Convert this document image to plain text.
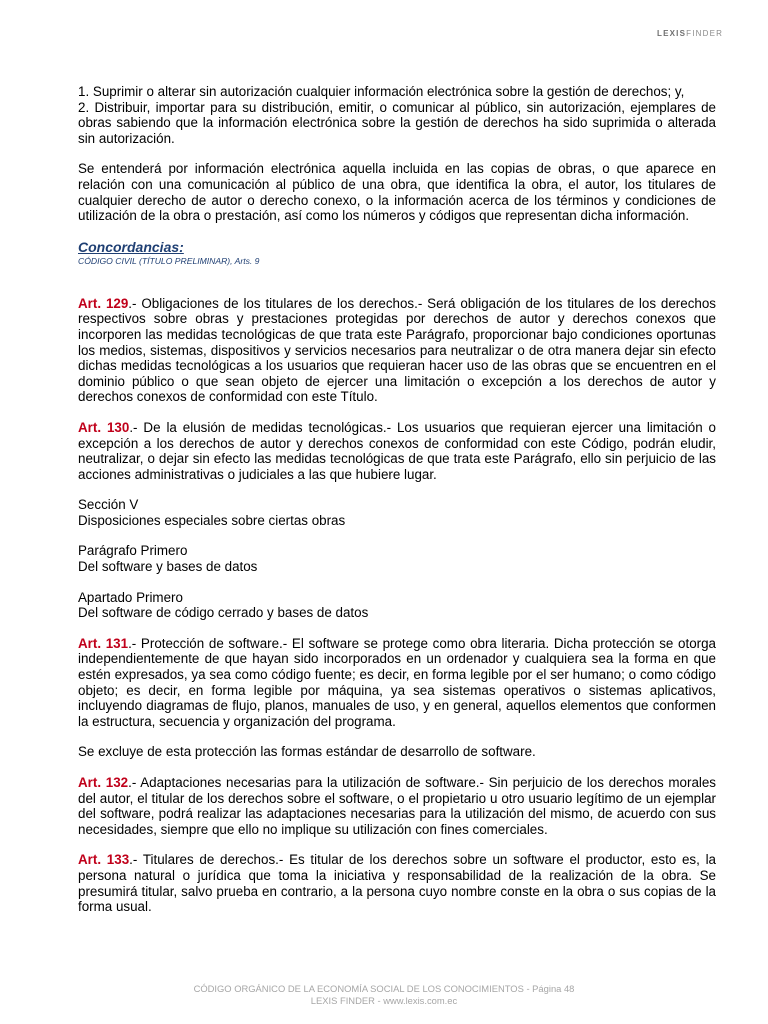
LEXISFINDER

1. Suprimir o alterar sin autorización cualquier información electrónica sobre la gestión de derechos; y,

2. Distribuir, importar para su distribución, emitir, o comunicar al público, sin autorización, ejemplares de obras sabiendo que la información electrónica sobre la gestión de derechos ha sido suprimida o alterada sin autorización.

Se entenderá por información electrónica aquella incluida en las copias de obras, o que aparece en relación con una comunicación al público de una obra, que identifica la obra, el autor, los titulares de cualquier derecho de autor o derecho conexo, o la información acerca de los términos y condiciones de utilización de la obra o prestación, así como los números y códigos que representan dicha información.

Concordancias:

CÓDIGO CIVIL (TÍTULO PRELIMINAR), Arts. 9

Art. 129.- Obligaciones de los titulares de los derechos.- Será obligación de los titulares de los derechos respectivos sobre obras y prestaciones protegidas por derechos de autor y derechos conexos que incorporen las medidas tecnológicas de que trata este Parágrafo, proporcionar bajo condiciones oportunas los medios, sistemas, dispositivos y servicios necesarios para neutralizar o de otra manera dejar sin efecto dichas medidas tecnológicas a los usuarios que requieran hacer uso de las obras que se encuentren en el dominio público o que sean objeto de ejercer una limitación o excepción a los derechos de autor y derechos conexos de conformidad con este Título.

Art. 130.- De la elusión de medidas tecnológicas.- Los usuarios que requieran ejercer una limitación o excepción a los derechos de autor y derechos conexos de conformidad con este Código, podrán eludir, neutralizar, o dejar sin efecto las medidas tecnológicas de que trata este Parágrafo, ello sin perjuicio de las acciones administrativas o judiciales a las que hubiere lugar.

Sección V

Disposiciones especiales sobre ciertas obras

Parágrafo Primero

Del software y bases de datos

Apartado Primero

Del software de código cerrado y bases de datos

Art. 131.- Protección de software.- El software se protege como obra literaria. Dicha protección se otorga independientemente de que hayan sido incorporados en un ordenador y cualquiera sea la forma en que estén expresados, ya sea como código fuente; es decir, en forma legible por el ser humano; o como código objeto; es decir, en forma legible por máquina, ya sea sistemas operativos o sistemas aplicativos, incluyendo diagramas de flujo, planos, manuales de uso, y en general, aquellos elementos que conformen la estructura, secuencia y organización del programa.

Se excluye de esta protección las formas estándar de desarrollo de software.

Art. 132.- Adaptaciones necesarias para la utilización de software.- Sin perjuicio de los derechos morales del autor, el titular de los derechos sobre el software, o el propietario u otro usuario legítimo de un ejemplar del software, podrá realizar las adaptaciones necesarias para la utilización del mismo, de acuerdo con sus necesidades, siempre que ello no implique su utilización con fines comerciales.

Art. 133.- Titulares de derechos.- Es titular de los derechos sobre un software el productor, esto es, la persona natural o jurídica que toma la iniciativa y responsabilidad de la realización de la obra. Se presumirá titular, salvo prueba en contrario, a la persona cuyo nombre conste en la obra o sus copias de la forma usual.

CÓDIGO ORGÁNICO DE LA ECONOMÍA SOCIAL DE LOS CONOCIMIENTOS - Página 48
LEXIS FINDER - www.lexis.com.ec
